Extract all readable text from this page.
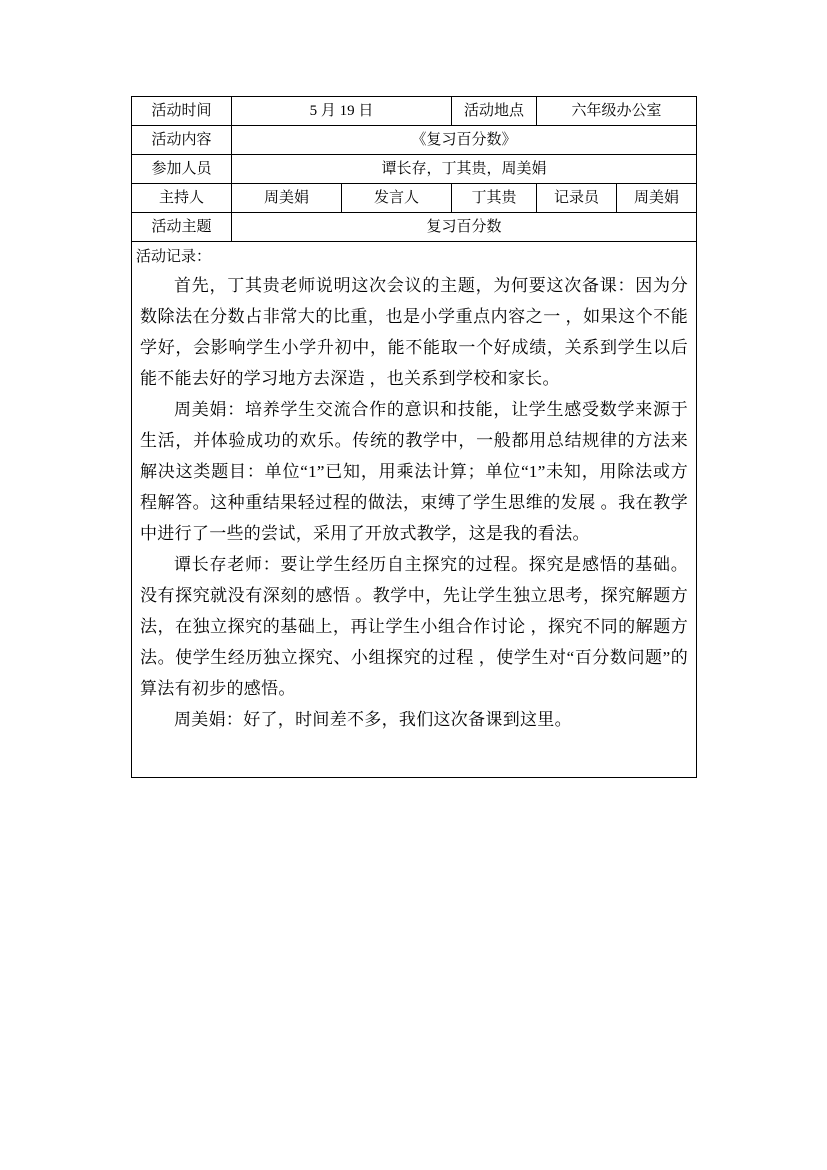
活动时间	5 月 19 日		活动地点	六年级办公室	
活动内容	《复习百分数》				
参加人员	谭长存，丁其贵，周美娟				
主持人	周美娟	发言人	丁其贵	记录员	周美娟
活动主题	复习百分数				

活动记录：

首先，丁其贵老师说明这次会议的主题，为何要这次备课：因为分数除法在分数占非常大的比重，也是小学重点内容之一 ，如果这个不能学好，会影响学生小学升初中，能不能取一个好成绩，关系到学生以后能不能去好的学习地方去深造 ，也关系到学校和家长。

周美娟：培养学生交流合作的意识和技能，让学生感受数学来源于生活，并体验成功的欢乐。传统的教学中，一般都用总结规律的方法来解决这类题目：单位“1”已知，用乘法计算；单位“1”未知，用除法或方程解答。这种重结果轻过程的做法，束缚了学生思维的发展 。我在教学中进行了一些的尝试，采用了开放式教学，这是我的看法。

谭长存老师：要让学生经历自主探究的过程。探究是感悟的基础。没有探究就没有深刻的感悟 。教学中，先让学生独立思考，探究解题方法，在独立探究的基础上，再让学生小组合作讨论 ，探究不同的解题方法。使学生经历独立探究、小组探究的过程 ，使学生对“百分数问题”的算法有初步的感悟。

周美娟：好了，时间差不多，我们这次备课到这里。					
